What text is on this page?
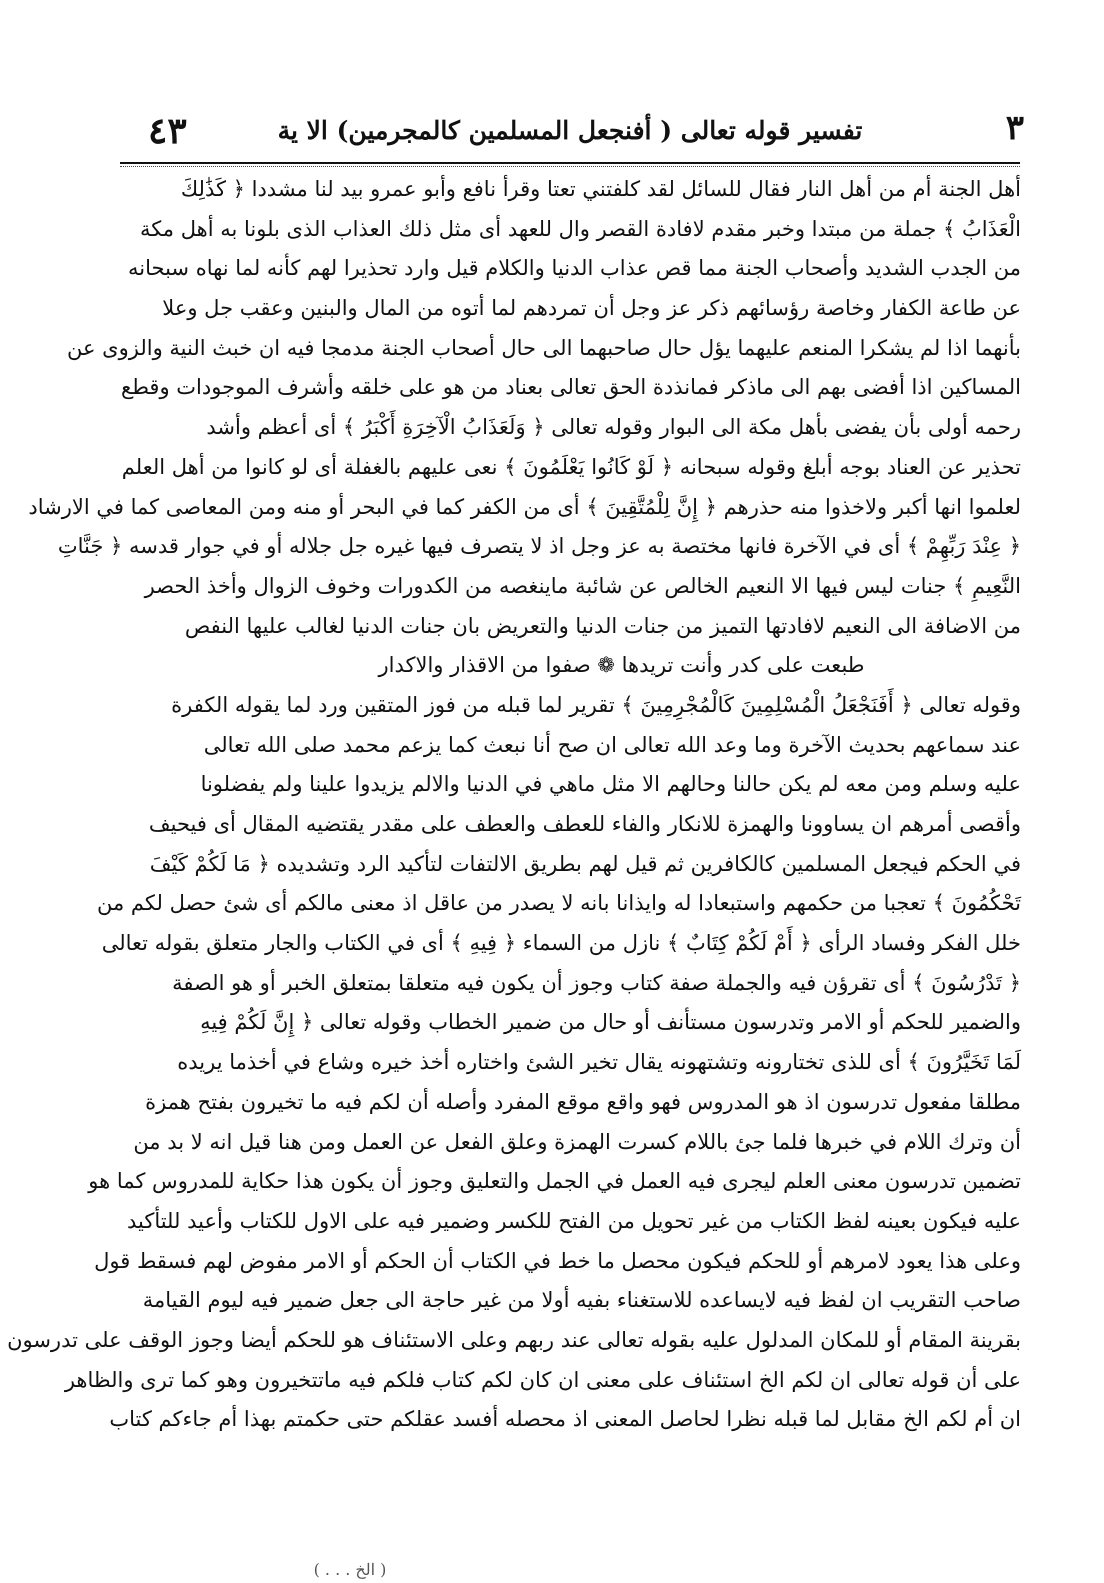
٣
تفسير قوله تعالى ( أفنجعل المسلمين كالمجرمين) الا ية
٤٣
أهل الجنة أم من أهل النار فقال للسائل لقد كلفتني تعتا وقرأ نافع وأبو عمرو بيد لنا مشددا ﴿ كَذَٰلِكَ
الْعَذَابُ ﴾ جملة من مبتدا وخبر مقدم لافادة القصر وال للعهد أى مثل ذلك العذاب الذى بلونا به أهل مكة
من الجدب الشديد وأصحاب الجنة مما قص عذاب الدنيا والكلام قيل وارد تحذيرا لهم كأنه لما نهاه سبحانه
عن طاعة الكفار وخاصة رؤسائهم ذكر عز وجل أن تمردهم لما أتوه من المال والبنين وعقب جل وعلا
بأنهما اذا لم يشكرا المنعم عليهما يؤل حال صاحبهما الى حال أصحاب الجنة مدمجا فيه ان خبث النية والزوى عن
المساكين اذا أفضى بهم الى ماذكر فمانذدة الحق تعالى بعناد من هو على خلقه وأشرف الموجودات وقطع
رحمه أولى بأن يفضى بأهل مكة الى البوار وقوله تعالى ﴿ وَلَعَذَابُ الْآخِرَةِ أَكْبَرُ ﴾ أى أعظم وأشد
تحذير عن العناد بوجه أبلغ وقوله سبحانه ﴿ لَوْ كَانُوا يَعْلَمُونَ ﴾ نعى عليهم بالغفلة أى لو كانوا من أهل العلم
لعلموا انها أكبر ولاخذوا منه حذرهم ﴿ إِنَّ لِلْمُتَّقِينَ ﴾ أى من الكفر كما في البحر أو منه ومن المعاصى كما في الارشاد
﴿ عِنْدَ رَبِّهِمْ ﴾ أى في الآخرة فانها مختصة به عز وجل اذ لا يتصرف فيها غيره جل جلاله أو في جوار قدسه ﴿ جَنَّاتِ
النَّعِيمِ ﴾ جنات ليس فيها الا النعيم الخالص عن شائبة ماينغصه من الكدورات وخوف الزوال وأخذ الحصر
من الاضافة الى النعيم لافادتها التميز من جنات الدنيا والتعريض بان جنات الدنيا لغالب عليها النفص
طبعت على كدر وأنت تريدها ❁ صفوا من الاقذار والاكدار
وقوله تعالى ﴿ أَفَنَجْعَلُ الْمُسْلِمِينَ كَالْمُجْرِمِينَ ﴾ تقرير لما قبله من فوز المتقين ورد لما يقوله الكفرة
عند سماعهم بحديث الآخرة وما وعد الله تعالى ان صح أنا نبعث كما يزعم محمد صلى الله تعالى
عليه وسلم ومن معه لم يكن حالنا وحالهم الا مثل ماهي في الدنيا والالم يزيدوا علينا ولم يفضلونا
وأقصى أمرهم ان يساوونا والهمزة للانكار والفاء للعطف والعطف على مقدر يقتضيه المقال أى فيحيف
في الحكم فيجعل المسلمين كالكافرين ثم قيل لهم بطريق الالتفات لتأكيد الرد وتشديده ﴿ مَا لَكُمْ كَيْفَ
تَحْكُمُونَ ﴾ تعجبا من حكمهم واستبعادا له وايذانا بانه لا يصدر من عاقل اذ معنى مالكم أى شئ حصل لكم من
خلل الفكر وفساد الرأى ﴿ أَمْ لَكُمْ كِتَابٌ ﴾ نازل من السماء ﴿ فِيهِ ﴾ أى في الكتاب والجار متعلق بقوله تعالى
﴿ تَدْرُسُونَ ﴾ أى تقرؤن فيه والجملة صفة كتاب وجوز أن يكون فيه متعلقا بمتعلق الخبر أو هو الصفة
والضمير للحكم أو الامر وتدرسون مستأنف أو حال من ضمير الخطاب وقوله تعالى ﴿ إِنَّ لَكُمْ فِيهِ
لَمَا تَخَيَّرُونَ ﴾ أى للذى تختارونه وتشتهونه يقال تخير الشئ واختاره أخذ خيره وشاع في أخذما يريده
مطلقا مفعول تدرسون اذ هو المدروس فهو واقع موقع المفرد وأصله أن لكم فيه ما تخيرون بفتح همزة
أن وترك اللام في خبرها فلما جئ باللام كسرت الهمزة وعلق الفعل عن العمل ومن هنا قيل انه لا بد من
تضمين تدرسون معنى العلم ليجرى فيه العمل في الجمل والتعليق وجوز أن يكون هذا حكاية للمدروس كما هو
عليه فيكون بعينه لفظ الكتاب من غير تحويل من الفتح للكسر وضمير فيه على الاول للكتاب وأعيد للتأكيد
وعلى هذا يعود لامرهم أو للحكم فيكون محصل ما خط في الكتاب أن الحكم أو الامر مفوض لهم فسقط قول
صاحب التقريب ان لفظ فيه لايساعده للاستغناء بفيه أولا من غير حاجة الى جعل ضمير فيه ليوم القيامة
بقرينة المقام أو للمكان المدلول عليه بقوله تعالى عند ربهم وعلى الاستئناف هو للحكم أيضا وجوز الوقف على تدرسون
على أن قوله تعالى ان لكم الخ استئناف على معنى ان كان لكم كتاب فلكم فيه ماتتخيرون وهو كما ترى والظاهر
ان أم لكم الخ مقابل لما قبله نظرا لحاصل المعنى اذ محصله أفسد عقلكم حتى حكمتم بهذا أم جاءكم كتاب
( الخ . . . )
